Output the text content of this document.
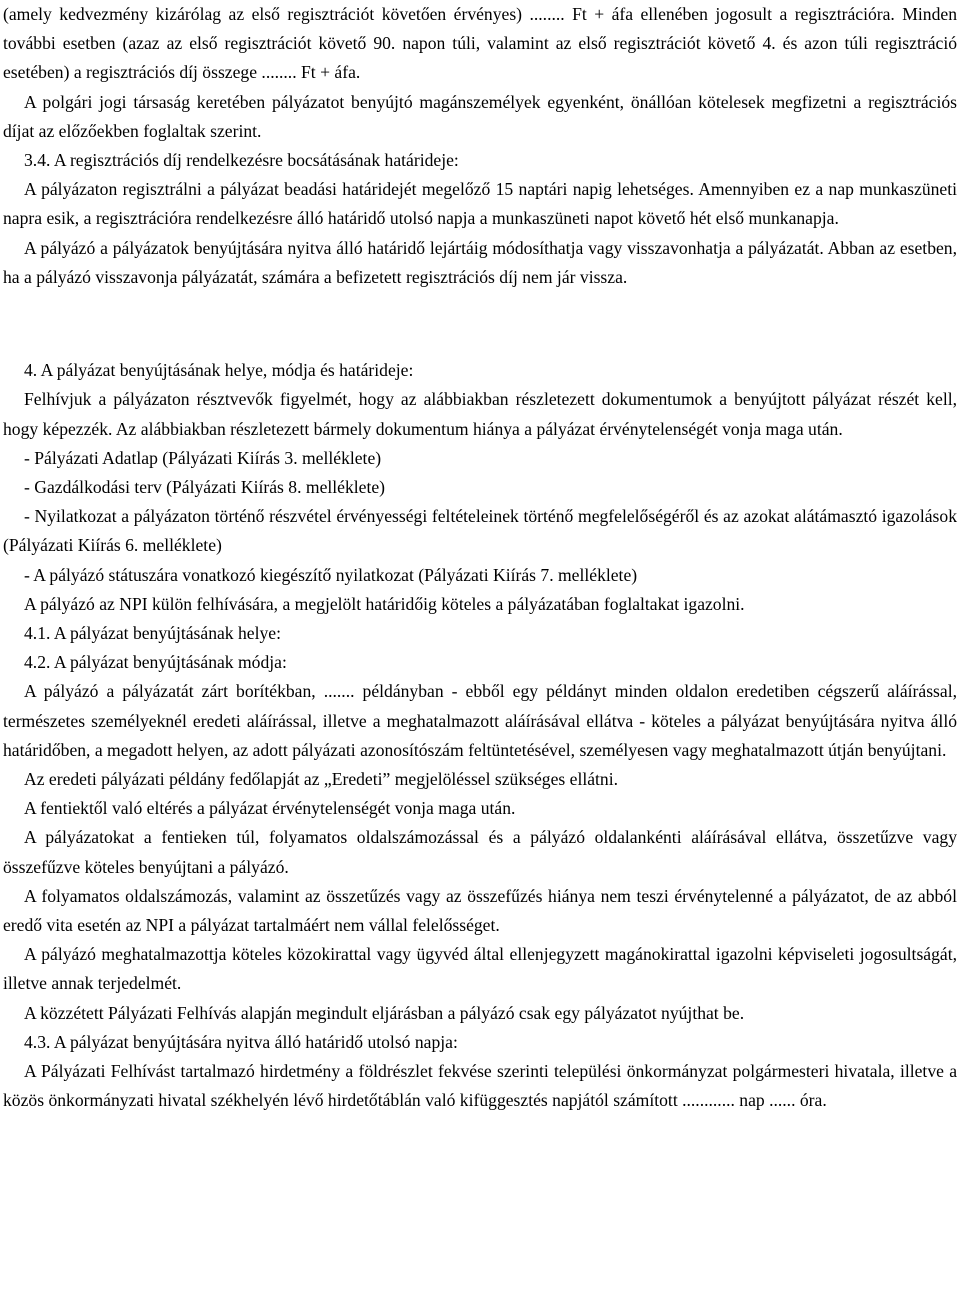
(amely kedvezmény kizárólag az első regisztrációt követően érvényes) ........ Ft + áfa ellenében jogosult a regisztrációra. Minden további esetben (azaz az első regisztrációt követő 90. napon túli, valamint az első regisztrációt követő 4. és azon túli regisztráció esetében) a regisztrációs díj összege ........ Ft + áfa.

A polgári jogi társaság keretében pályázatot benyújtó magánszemélyek egyenként, önállóan kötelesek megfizetni a regisztrációs díjat az előzőekben foglaltak szerint.

3.4. A regisztrációs díj rendelkezésre bocsátásának határideje:

A pályázaton regisztrálni a pályázat beadási határidejét megelőző 15 naptári napig lehetséges. Amennyiben ez a nap munkaszüneti napra esik, a regisztrációra rendelkezésre álló határidő utolsó napja a munkaszüneti napot követő hét első munkanapja.

A pályázó a pályázatok benyújtására nyitva álló határidő lejártáig módosíthatja vagy visszavonhatja a pályázatát. Abban az esetben, ha a pályázó visszavonja pályázatát, számára a befizetett regisztrációs díj nem jár vissza.

4. A pályázat benyújtásának helye, módja és határideje:

Felhívjuk a pályázaton résztvevők figyelmét, hogy az alábbiakban részletezett dokumentumok a benyújtott pályázat részét kell, hogy képezzék. Az alábbiakban részletezett bármely dokumentum hiánya a pályázat érvénytelenségét vonja maga után.

- Pályázati Adatlap (Pályázati Kiírás 3. melléklete)

- Gazdálkodási terv (Pályázati Kiírás 8. melléklete)

- Nyilatkozat a pályázaton történő részvétel érvényességi feltételeinek történő megfelelőségéről és az azokat alátámasztó igazolások (Pályázati Kiírás 6. melléklete)

- A pályázó státuszára vonatkozó kiegészítő nyilatkozat (Pályázati Kiírás 7. melléklete)

A pályázó az NPI külön felhívására, a megjelölt határidőig köteles a pályázatában foglaltakat igazolni.

4.1. A pályázat benyújtásának helye:

4.2. A pályázat benyújtásának módja:

A pályázó a pályázatát zárt borítékban, ....... példányban - ebből egy példányt minden oldalon eredetiben cégszerű aláírással, természetes személyeknél eredeti aláírással, illetve a meghatalmazott aláírásával ellátva - köteles a pályázat benyújtására nyitva álló határidőben, a megadott helyen, az adott pályázati azonosítószám feltüntetésével, személyesen vagy meghatalmazott útján benyújtani.

Az eredeti pályázati példány fedőlapját az „Eredeti” megjelöléssel szükséges ellátni.

A fentiektől való eltérés a pályázat érvénytelenségét vonja maga után.

A pályázatokat a fentieken túl, folyamatos oldalszámozással és a pályázó oldalankénti aláírásával ellátva, összetűzve vagy összefűzve köteles benyújtani a pályázó.

A folyamatos oldalszámozás, valamint az összetűzés vagy az összefűzés hiánya nem teszi érvénytelenné a pályázatot, de az abból eredő vita esetén az NPI a pályázat tartalmáért nem vállal felelősséget.

A pályázó meghatalmazottja köteles közokirattal vagy ügyvéd által ellenjegyzett magánokirattal igazolni képviseleti jogosultságát, illetve annak terjedelmét.

A közzétett Pályázati Felhívás alapján megindult eljárásban a pályázó csak egy pályázatot nyújthat be.

4.3. A pályázat benyújtására nyitva álló határidő utolsó napja:

A Pályázati Felhívást tartalmazó hirdetmény a földrészlet fekvése szerinti települési önkormányzat polgármesteri hivatala, illetve a közös önkormányzati hivatal székhelyén lévő hirdetőtáblán való kifüggesztés napjától számított ............ nap ...... óra.
